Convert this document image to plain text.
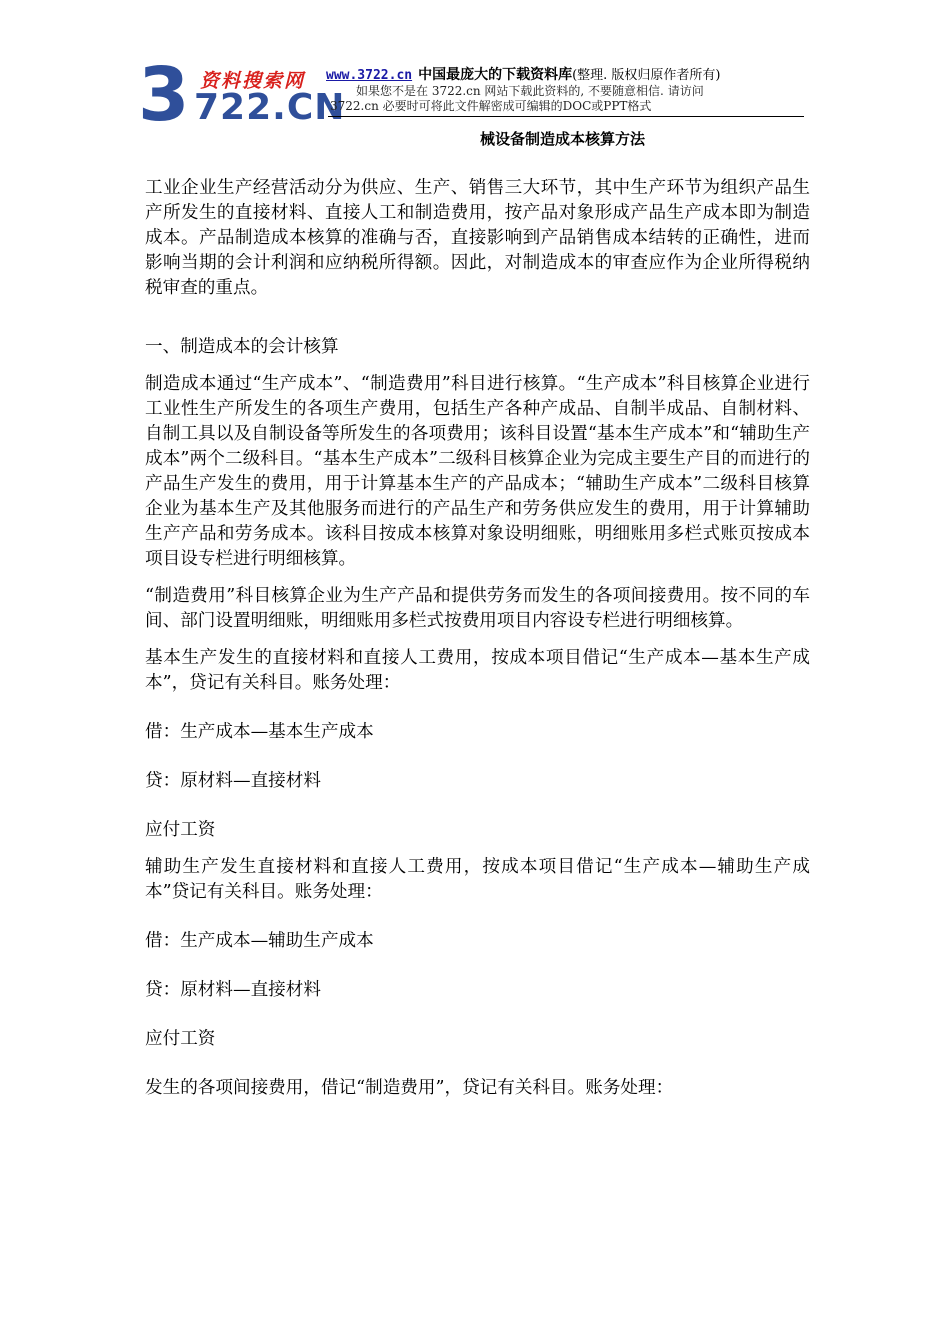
3 资料搜索网
722.CN
www.3722.cn 中国最庞大的下载资料库(整理. 版权归原作者所有)
如果您不是在 3722.cn 网站下载此资料的, 不要随意相信. 请访问
3722.cn 必要时可将此文件解密成可编辑的DOC或PPT格式
械设备制造成本核算方法

工业企业生产经营活动分为供应、生产、销售三大环节，其中生产环节为组织产品生产所发生的直接材料、直接人工和制造费用，按产品对象形成产品生产成本即为制造成本。产品制造成本核算的准确与否，直接影响到产品销售成本结转的正确性，进而影响当期的会计利润和应纳税所得额。因此，对制造成本的审查应作为企业所得税纳税审查的重点。

一、制造成本的会计核算

制造成本通过“生产成本”、“制造费用”科目进行核算。“生产成本”科目核算企业进行工业性生产所发生的各项生产费用，包括生产各种产成品、自制半成品、自制材料、自制工具以及自制设备等所发生的各项费用；该科目设置“基本生产成本”和“辅助生产成本”两个二级科目。“基本生产成本”二级科目核算企业为完成主要生产目的而进行的产品生产发生的费用，用于计算基本生产的产品成本；“辅助生产成本”二级科目核算企业为基本生产及其他服务而进行的产品生产和劳务供应发生的费用，用于计算辅助生产产品和劳务成本。该科目按成本核算对象设明细账，明细账用多栏式账页按成本项目设专栏进行明细核算。

“制造费用”科目核算企业为生产产品和提供劳务而发生的各项间接费用。按不同的车间、部门设置明细账，明细账用多栏式按费用项目内容设专栏进行明细核算。

基本生产发生的直接材料和直接人工费用，按成本项目借记“生产成本—基本生产成本”，贷记有关科目。账务处理：

借：生产成本—基本生产成本

贷：原材料—直接材料

应付工资

辅助生产发生直接材料和直接人工费用，按成本项目借记“生产成本—辅助生产成本”贷记有关科目。账务处理：

借：生产成本—辅助生产成本

贷：原材料—直接材料

应付工资

发生的各项间接费用，借记“制造费用”，贷记有关科目。账务处理：
